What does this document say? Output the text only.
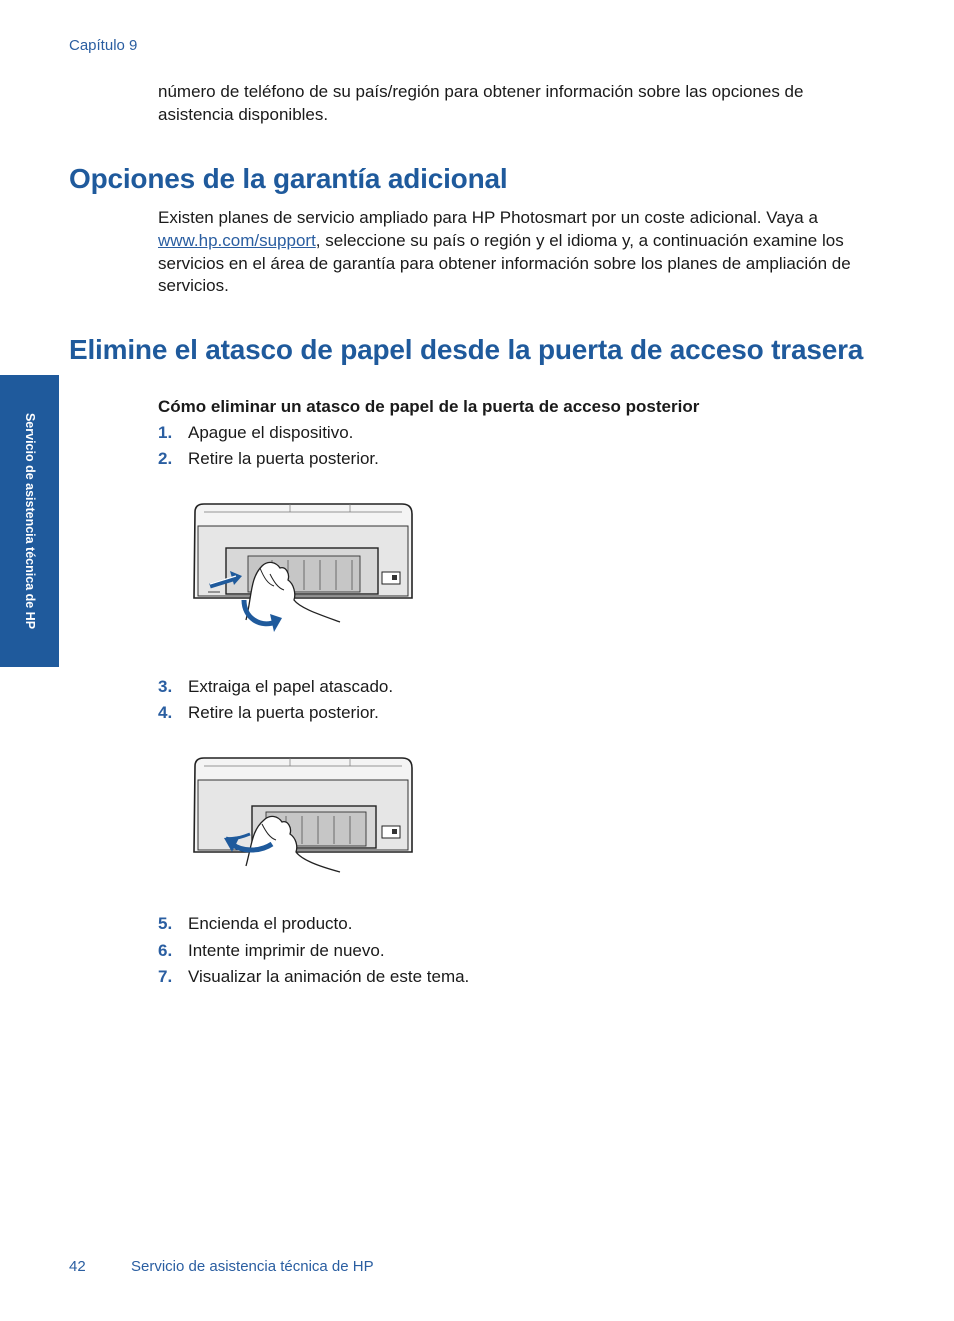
Capítulo 9
número de teléfono de su país/región para obtener información sobre las opciones de asistencia disponibles.
Opciones de la garantía adicional
Existen planes de servicio ampliado para HP Photosmart por un coste adicional. Vaya a www.hp.com/support, seleccione su país o región y el idioma y, a continuación examine los servicios en el área de garantía para obtener información sobre los planes de ampliación de servicios.
Elimine el atasco de papel desde la puerta de acceso trasera
Servicio de asistencia técnica de HP
Cómo eliminar un atasco de papel de la puerta de acceso posterior
1. Apague el dispositivo.
2. Retire la puerta posterior.
3. Extraiga el papel atascado.
4. Retire la puerta posterior.
5. Encienda el producto.
6. Intente imprimir de nuevo.
7. Visualizar la animación de este tema.
42	Servicio de asistencia técnica de HP
